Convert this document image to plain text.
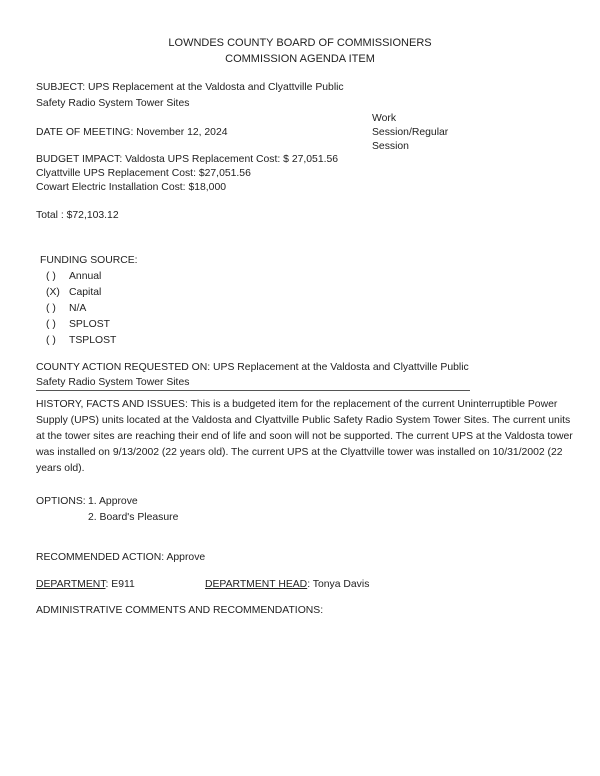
LOWNDES COUNTY BOARD OF COMMISSIONERS
COMMISSION AGENDA ITEM
SUBJECT: UPS Replacement at the Valdosta and Clyattville Public
Safety Radio System Tower Sites
Work
Session/Regular
Session
DATE OF MEETING: November 12, 2024
BUDGET IMPACT: Valdosta UPS Replacement Cost: $ 27,051.56
Clyattville UPS Replacement Cost: $27,051.56
Cowart Electric Installation Cost: $18,000
Total : $72,103.12
FUNDING SOURCE:
( ) Annual
(X) Capital
( ) N/A
( ) SPLOST
( ) TSPLOST
COUNTY ACTION REQUESTED ON: UPS Replacement at the Valdosta and Clyattville Public
Safety Radio System Tower Sites
HISTORY, FACTS AND ISSUES: This is a budgeted item for the replacement of the current Uninterruptible Power Supply (UPS) units located at the Valdosta and Clyattville Public Safety Radio System Tower Sites. The current units at the tower sites are reaching their end of life and soon will not be supported. The current UPS at the Valdosta tower was installed on 9/13/2002 (22 years old). The current UPS at the Clyattville tower was installed on 10/31/2002 (22 years old).
OPTIONS: 1. Approve
2. Board's Pleasure
RECOMMENDED ACTION: Approve
DEPARTMENT: E911	DEPARTMENT HEAD: Tonya Davis
ADMINISTRATIVE COMMENTS AND RECOMMENDATIONS:
